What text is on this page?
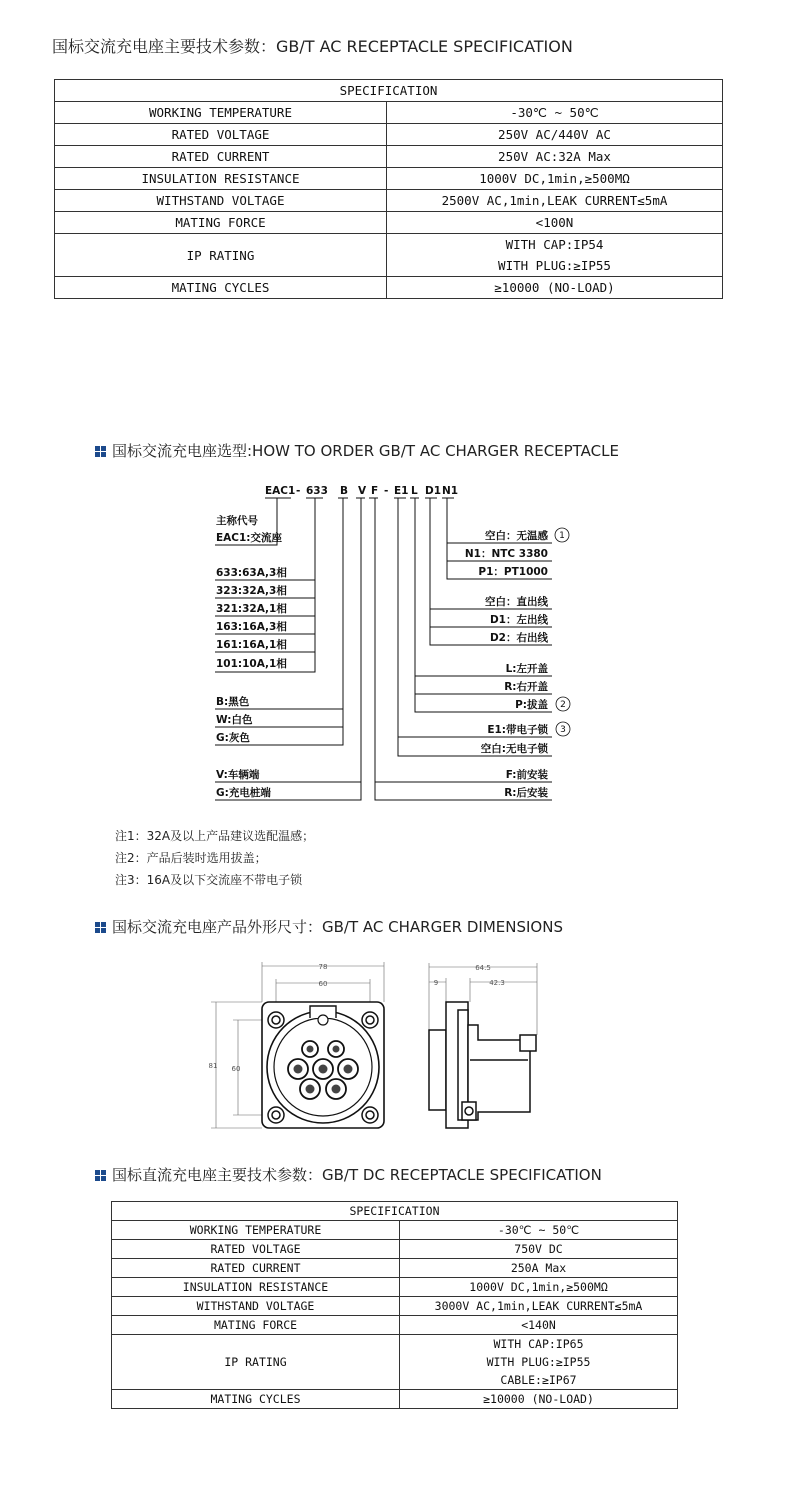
国标交流充电座主要技术参数：GB/T AC RECEPTACLE SPECIFICATION
SPECIFICATION	
WORKING TEMPERATURE	-30℃ ~ 50℃
RATED VOLTAGE	250V AC/440V AC
RATED CURRENT	250V AC:32A Max
INSULATION RESISTANCE	1000V DC,1min,≥500MΩ
WITHSTAND VOLTAGE	2500V AC,1min,LEAK CURRENT≤5mA
MATING FORCE	<100N
IP RATING	WITH CAP:IP54
	WITH PLUG:≥IP55
MATING CYCLES	≥10000 (NO-LOAD)
国标交流充电座选型:HOW TO ORDER GB/T AC CHARGER RECEPTACLE
EAC1 - 633 B V F - E1 L D1 N1
主称代号
EAC1:交流座
633:63A,3相
323:32A,3相
321:32A,1相
163:16A,3相
161:16A,1相
101:10A,1相
B:黑色
W:白色
G:灰色
V:车辆端
G:充电桩端
空白：无温感
N1：NTC 3380
P1：PT1000
空白：直出线
D1：左出线
D2：右出线
L:左开盖
R:右开盖
P:拔盖
E1:带电子锁
空白:无电子锁
F:前安装
R:后安装
1
2
3
注1：32A及以上产品建议选配温感；
注2：产品后装时选用拔盖；
注3：16A及以下交流座不带电子锁
国标交流充电座产品外形尺寸：GB/T AC CHARGER DIMENSIONS
78
60
81 60
64.5
9	42.3
国标直流充电座主要技术参数：GB/T DC RECEPTACLE SPECIFICATION
SPECIFICATION	
WORKING TEMPERATURE	-30℃ ~ 50℃
RATED VOLTAGE	750V DC
RATED CURRENT	250A Max
INSULATION RESISTANCE	1000V DC,1min,≥500MΩ
WITHSTAND VOLTAGE	3000V AC,1min,LEAK CURRENT≤5mA
MATING FORCE	<140N
IP RATING	WITH CAP:IP65
	WITH PLUG:≥IP55
	CABLE:≥IP67
MATING CYCLES	≥10000 (NO-LOAD)
